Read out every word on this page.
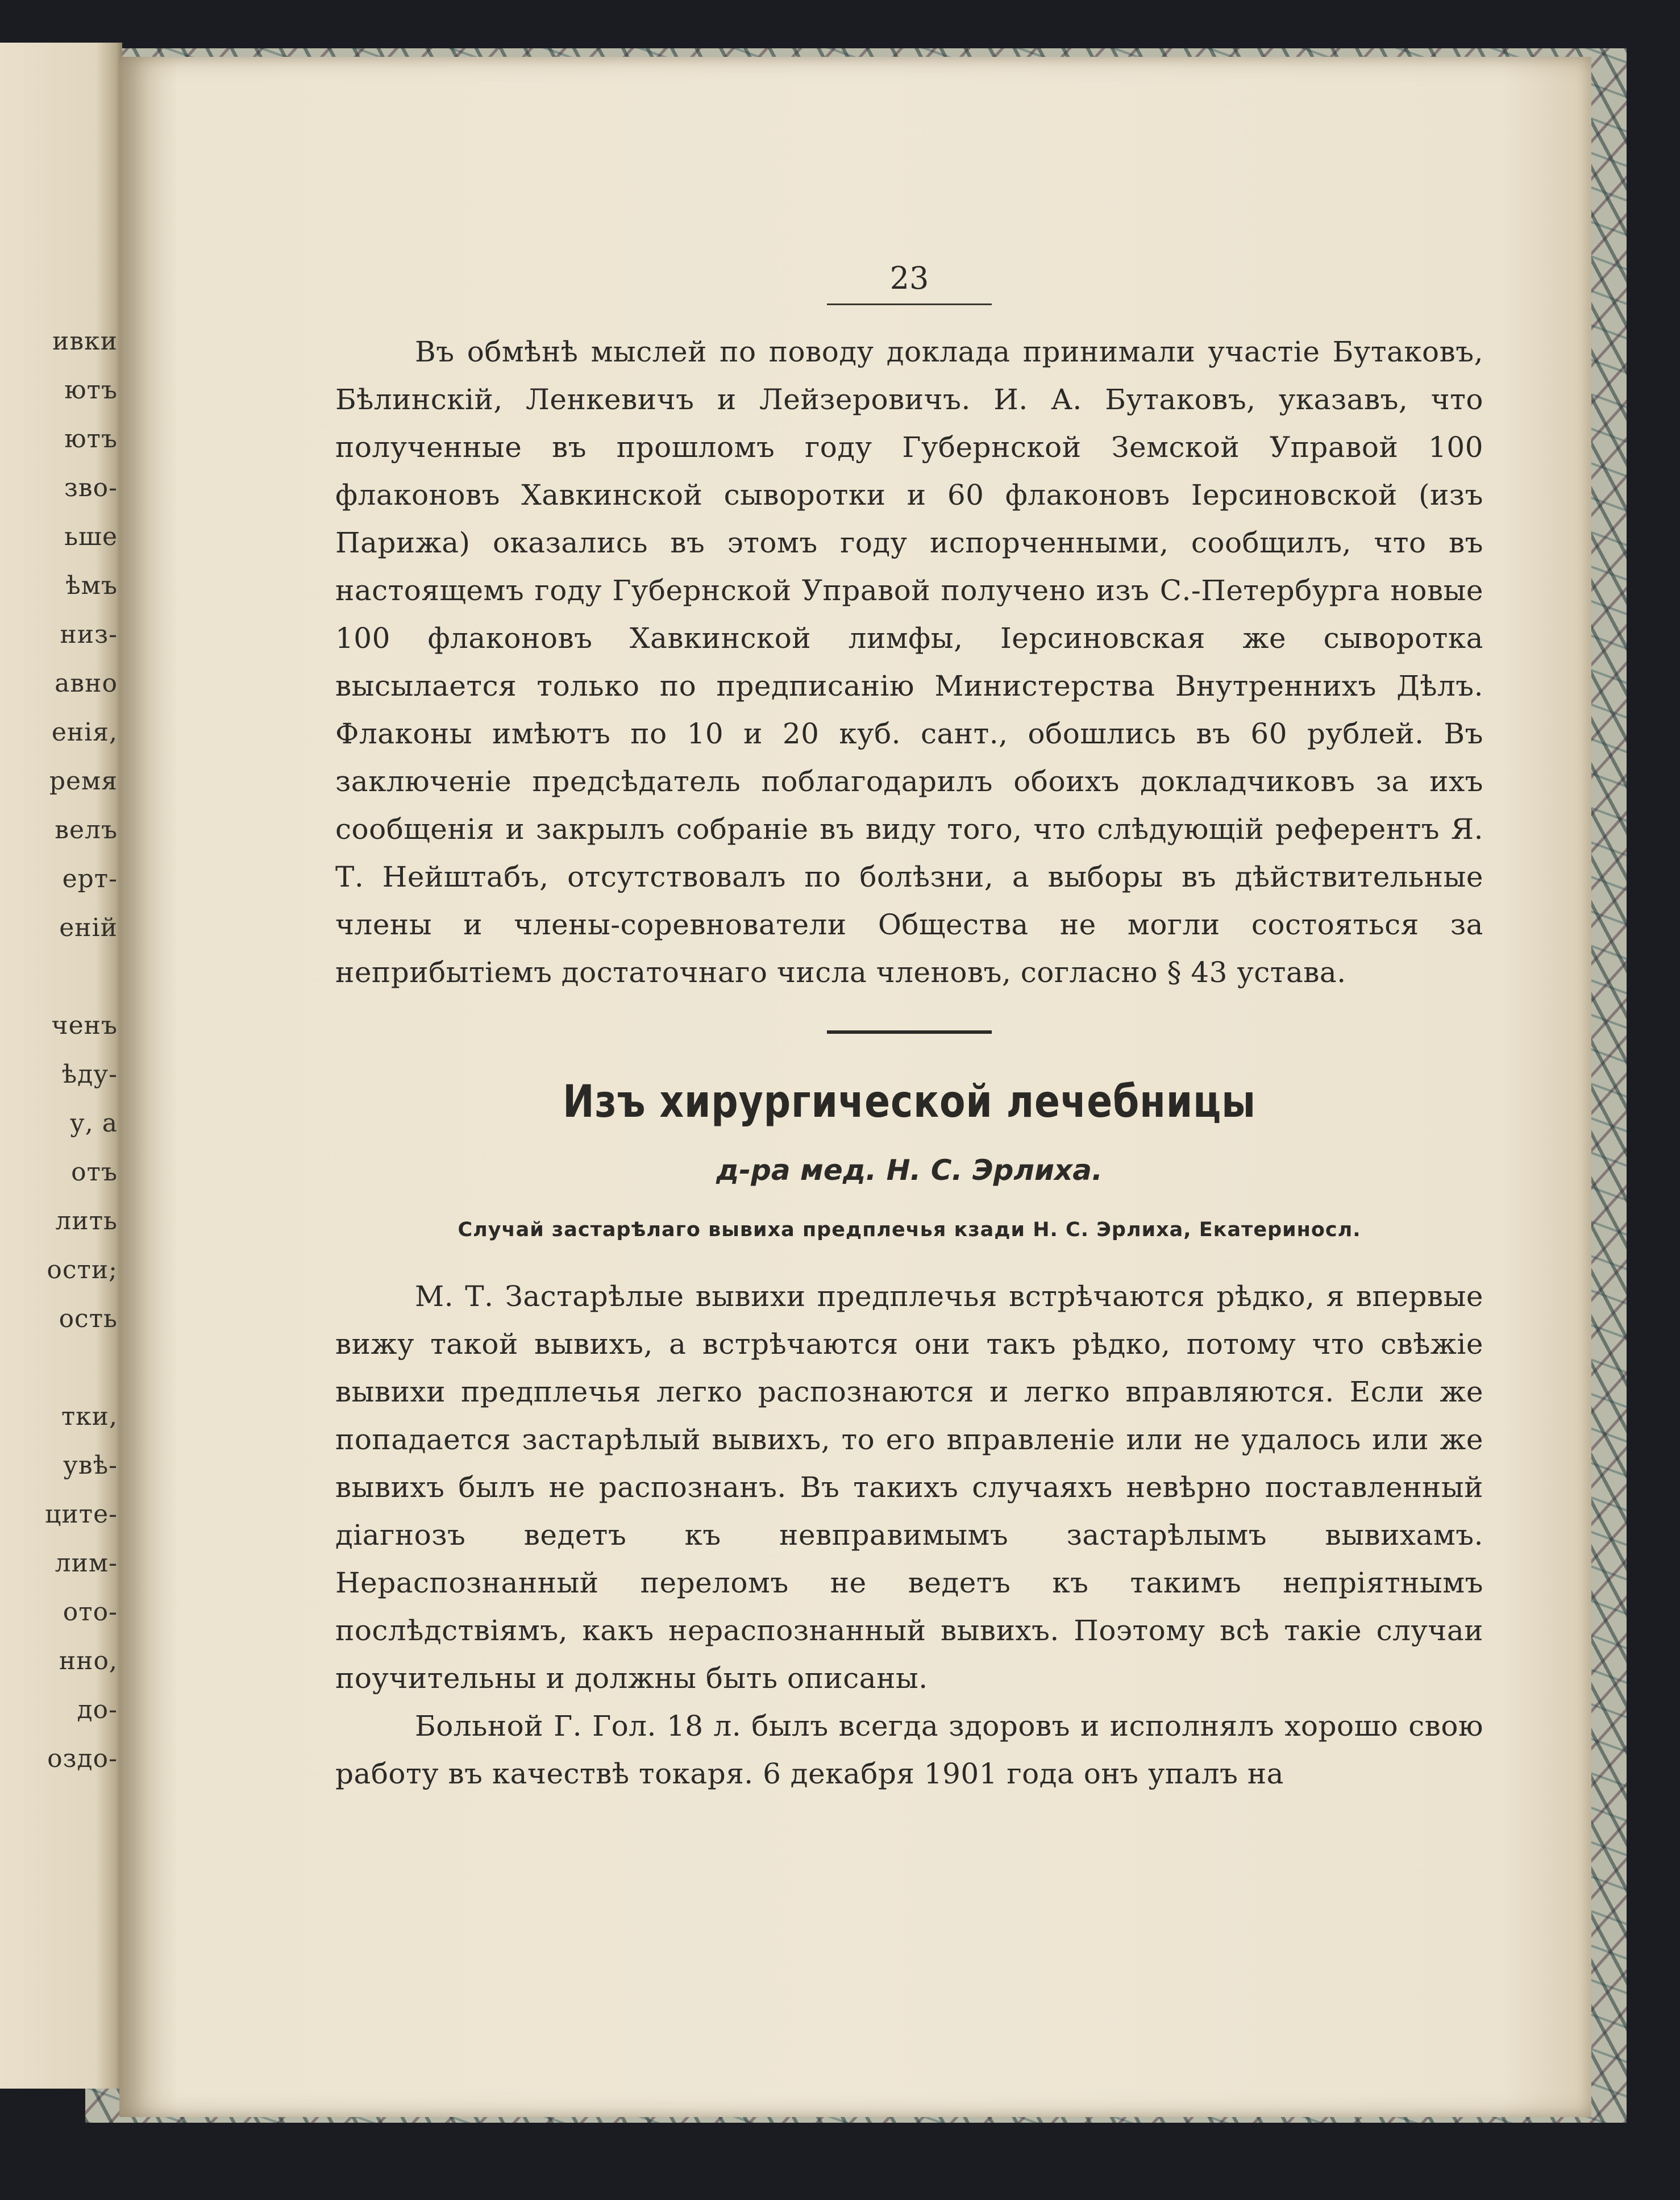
ивки
ютъ
ютъ
зво-
ьше
ѣмъ
низ-
авно
енія,
ремя
велъ
ерт-
еній
ченъ
ѣду-
у, а
отъ
лить
ости;
ость
тки,
увѣ-
ците-
лим-
ото-
нно,
до-
оздо-

23

Въ обмѣнѣ мыслей по поводу доклада принимали участіе Бутаковъ, Бѣлинскій, Ленкевичъ и Лейзеровичъ. И. А. Бутаковъ, указавъ, что полученные въ прошломъ году Губернской Земской Управой 100 флаконовъ Хавкинской сыворотки и 60 флаконовъ Іерсиновской (изъ Парижа) оказались въ этомъ году испорченными, сообщилъ, что въ настоящемъ году Губернской Управой получено изъ С.-Петербурга новые 100 флаконовъ Хавкинской лимфы, Іерсиновская же сыворотка высылается только по предписанію Министерства Внутреннихъ Дѣлъ. Флаконы имѣютъ по 10 и 20 куб. сант., обошлись въ 60 рублей. Въ заключеніе предсѣдатель поблагодарилъ обоихъ докладчиковъ за ихъ сообщенія и закрылъ собраніе въ виду того, что слѣдующій референтъ Я. Т. Нейштабъ, отсутствовалъ по болѣзни, а выборы въ дѣйствительные члены и члены-соревнователи Общества не могли состояться за неприбытіемъ достаточнаго числа членовъ, согласно § 43 устава.

Изъ хирургической лечебницы

д-ра мед. Н. С. Эрлиха.

Случай застарѣлаго вывиха предплечья кзади Н. С. Эрлиха, Екатериносл.

М. Т. Застарѣлые вывихи предплечья встрѣчаются рѣдко, я впервые вижу такой вывихъ, а встрѣчаются они такъ рѣдко, потому что свѣжіе вывихи предплечья легко распознаются и легко вправляются. Если же попадается застарѣлый вывихъ, то его вправленіе или не удалось или же вывихъ былъ не распознанъ. Въ такихъ случаяхъ невѣрно поставленный діагнозъ ведетъ къ невправимымъ застарѣлымъ вывихамъ. Нераспознанный переломъ не ведетъ къ такимъ непріятнымъ послѣдствіямъ, какъ нераспознанный вывихъ. Поэтому всѣ такіе случаи поучительны и должны быть описаны.

Больной Г. Гол. 18 л. былъ всегда здоровъ и исполнялъ хорошо свою работу въ качествѣ токаря. 6 декабря 1901 года онъ упалъ на
